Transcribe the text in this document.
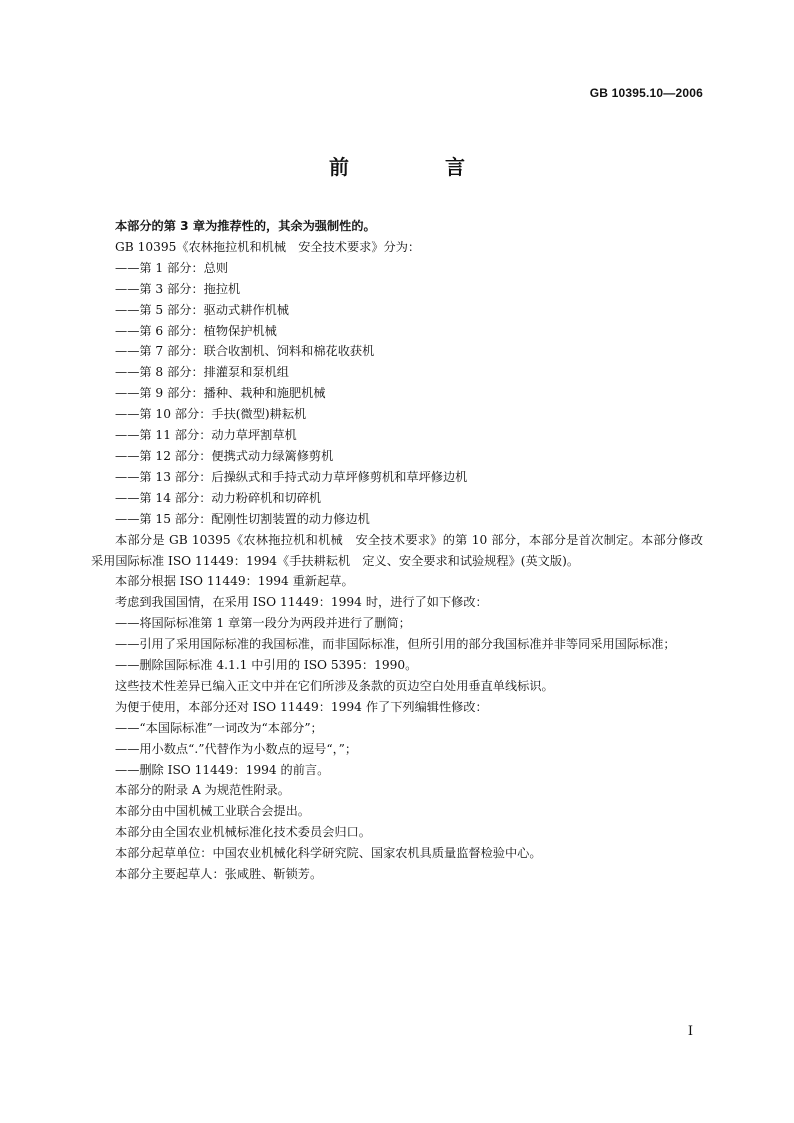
GB 10395.10—2006
前　言

本部分的第 3 章为推荐性的，其余为强制性的。

GB 10395《农林拖拉机和机械　安全技术要求》分为：

——第 1 部分：总则

——第 3 部分：拖拉机

——第 5 部分：驱动式耕作机械

——第 6 部分：植物保护机械

——第 7 部分：联合收割机、饲料和棉花收获机

——第 8 部分：排灌泵和泵机组

——第 9 部分：播种、栽种和施肥机械

——第 10 部分：手扶(微型)耕耘机

——第 11 部分：动力草坪割草机

——第 12 部分：便携式动力绿篱修剪机

——第 13 部分：后操纵式和手持式动力草坪修剪机和草坪修边机

——第 14 部分：动力粉碎机和切碎机

——第 15 部分：配刚性切割装置的动力修边机

本部分是 GB 10395《农林拖拉机和机械　安全技术要求》的第 10 部分，本部分是首次制定。本部分修改采用国际标准 ISO 11449：1994《手扶耕耘机　定义、安全要求和试验规程》(英文版)。

本部分根据 ISO 11449：1994 重新起草。

考虑到我国国情，在采用 ISO 11449：1994 时，进行了如下修改：

——将国际标准第 1 章第一段分为两段并进行了删简；

——引用了采用国际标准的我国标准，而非国际标准，但所引用的部分我国标准并非等同采用国际标准；

——删除国际标准 4.1.1 中引用的 ISO 5395：1990。

这些技术性差异已编入正文中并在它们所涉及条款的页边空白处用垂直单线标识。

为便于使用，本部分还对 ISO 11449：1994 作了下列编辑性修改：

——“本国际标准”一词改为“本部分”；

——用小数点“.”代替作为小数点的逗号“，”；

——删除 ISO 11449：1994 的前言。

本部分的附录 A 为规范性附录。

本部分由中国机械工业联合会提出。

本部分由全国农业机械标准化技术委员会归口。

本部分起草单位：中国农业机械化科学研究院、国家农机具质量监督检验中心。

本部分主要起草人：张咸胜、靳锁芳。

I
